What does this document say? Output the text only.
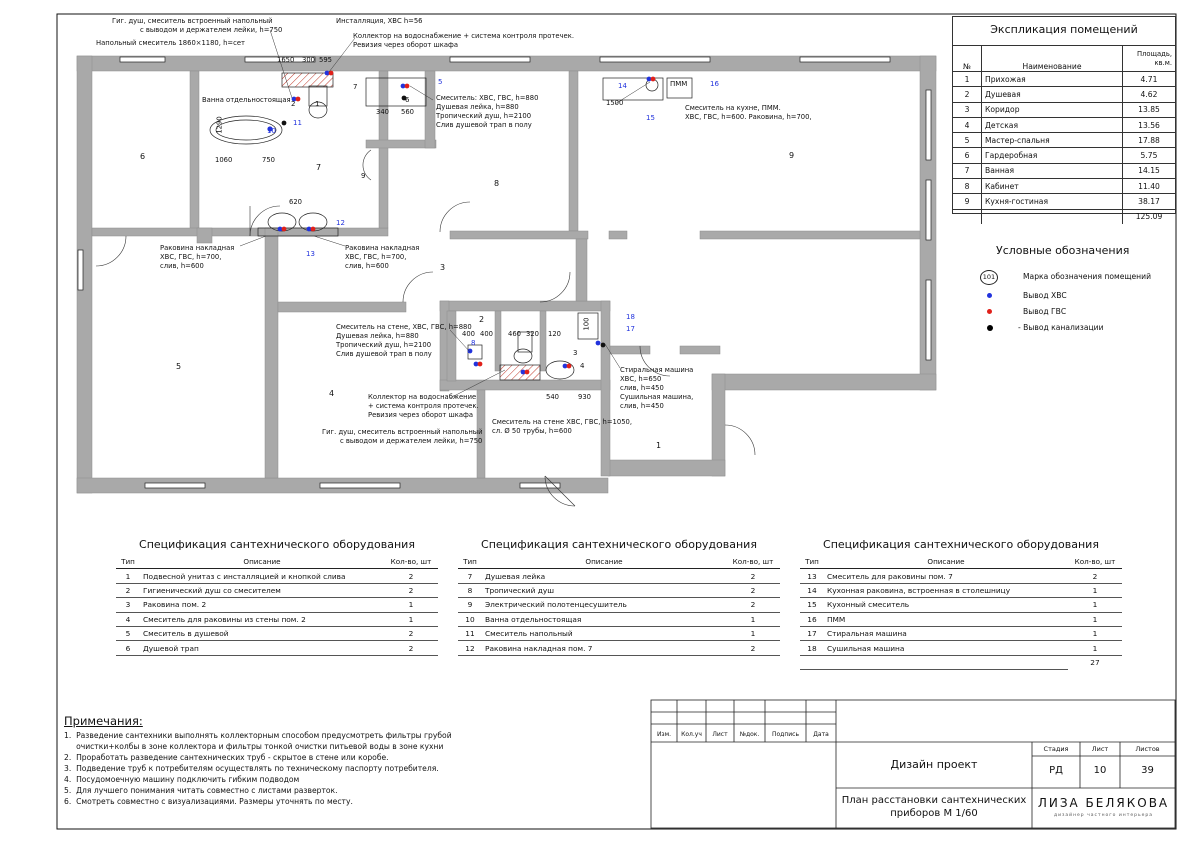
Гиг. душ, смеситель встроенный напольный
с выводом и держателем лейки, h=750
Напольный смеситель 1860×1180, h=сет
Инсталляция, ХВС h=56
Коллектор на водоснабжение + система контроля протечек.
Ревизия через оборот шкафа
Ванна отдельностоящая	Смеситель: ХВС, ГВС, h=880
Душевая лейка, h=880
Тропический душ, h=2100
Слив душевой трап в полу
Смеситель на кухне, ПММ.
ХВС, ГВС, h=600. Раковина, h=700,
Смеситель на стене, ХВС, ГВС, h=880
Душевая лейка, h=880
Тропический душ, h=2100
Слив душевой трап в полу
Коллектор на водоснабжение
+ система контроля протечек.
Ревизия через оборот шкафа
Гиг. душ, смеситель встроенный напольный
с выводом и держателем лейки, h=750
Смеситель на стене ХВС, ГВС, h=1050,
сл. Ø 50 трубы, h=600
Стиральная машина
ХВС, h=650
слив, h=450
Сушильная машина,
слив, h=450
Раковина накладная
ХВС, ГВС, h=700,
слив, h=600
Раковина накладная
ХВС, ГВС, h=700,
слив, h=600
ПММ
1650 300 595
1290
1060	750
340 560
620
1500
400 400 460 320 120
540	930
100
1
2
3
4
5
6
7
8
9
1
2
3
4
5
6
7
8
9
10
11
12
13
14
15
16
17
18
Экспликация помещений
№	Наименование	Площадь, кв.м.
1	Прихожая	4.71
2	Душевая	4.62
3	Коридор	13.85
4	Детская	13.56
5	Мастер-спальня	17.88
6	Гардеробная	5.75
7	Ванная	14.15
8	Кабинет	11.40
9	Кухня-гостиная	38.17
		125.09
Условные обозначения
101	Марка обозначения помещений
Вывод ХВС
Вывод ГВС
- Вывод канализации
Спецификация сантехнического оборудования
Тип	Описание	Кол-во, шт
1	Подвесной унитаз с инсталляцией и кнопкой слива	2
2	Гигиенический душ со смесителем	2
3	Раковина пом. 2	1
4	Смеситель для раковины из стены пом. 2	1
5	Смеситель в душевой	2
6	Душевой трап	2
Спецификация сантехнического оборудования
Тип	Описание	Кол-во, шт
7	Душевая лейка	2
8	Тропический душ	2
9	Электрический полотенцесушитель	2
10	Ванна отдельностоящая	1
11	Смеситель напольный	1
12	Раковина накладная пом. 7	2
Спецификация сантехнического оборудования
Тип	Описание	Кол-во, шт
13	Смеситель для раковины пом. 7	2
14	Кухонная раковина, встроенная в столешницу	1
15	Кухонный смеситель	1
16	ПММ	1
17	Стиральная машина	1
18	Сушильная машина	1
		27
Примечания:
1.  Разведение сантехники выполнять коллекторным способом предусмотреть фильтры грубой
очистки+колбы в зоне коллектора и фильтры тонкой очистки питьевой воды в зоне кухни
2.  Проработать разведение сантехнических труб - скрытое в стене или коробе.
3.  Подведение труб к потребителям осуществлять по техническому паспорту потребителя.
4.  Посудомоечную машину подключить гибким подводом
5.  Для лучшего понимания читать совместно с листами разверток.
6.  Смотреть совместно с визуализациями. Размеры уточнять по месту.
Изм.	Кол.уч	Лист	№док.	Подпись	Дата
Дизайн проект
Стадия	Лист	Листов
РД	10	39
План расстановки сантехнических
приборов М 1/60
ЛИЗА БЕЛЯКОВА
дизайнер частного интерьера
